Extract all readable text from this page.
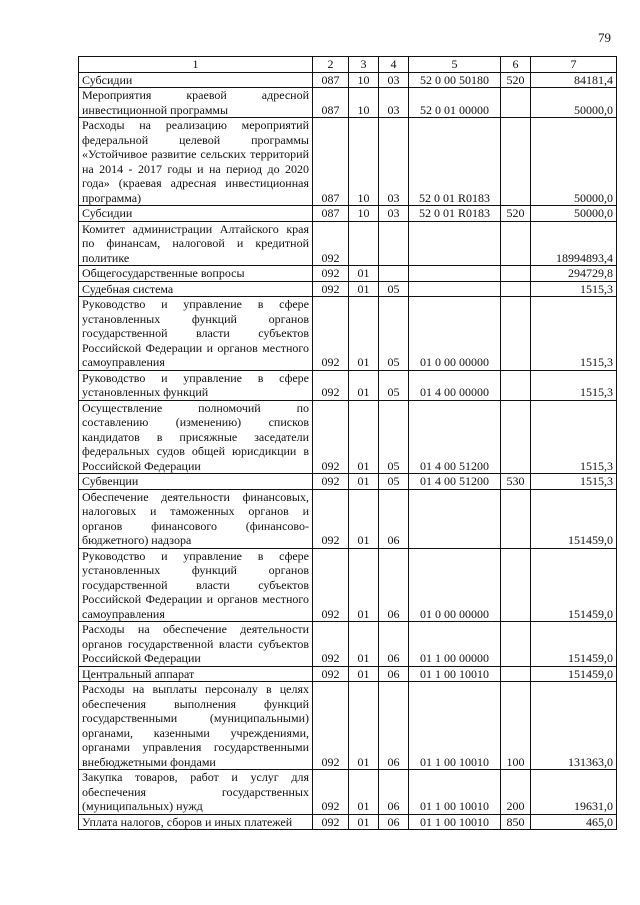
79
1	2	3	4	5	6	7
Субсидии	087	10	03	52 0 00 50180	520	84181,4
Мероприятия краевой адресной инвестиционной программы	087	10	03	52 0 01 00000		50000,0
Расходы на реализацию мероприятий федеральной целевой программы «Устойчивое развитие сельских территорий на 2014 - 2017 годы и на период до 2020 года» (краевая адресная инвестиционная программа)	087	10	03	52 0 01 R0183		50000,0
Субсидии	087	10	03	52 0 01 R0183	520	50000,0
Комитет администрации Алтайского края по финансам, налоговой и кредитной политике	092					18994893,4
Общегосударственные вопросы	092	01				294729,8
Судебная система	092	01	05			1515,3
Руководство и управление в сфере установленных функций органов государственной власти субъектов Российской Федерации и органов местного самоуправления	092	01	05	01 0 00 00000		1515,3
Руководство и управление в сфере установленных функций	092	01	05	01 4 00 00000		1515,3
Осуществление полномочий по составлению (изменению) списков кандидатов в присяжные заседатели федеральных судов общей юрисдикции в Российской Федерации	092	01	05	01 4 00 51200		1515,3
Субвенции	092	01	05	01 4 00 51200	530	1515,3
Обеспечение деятельности финансовых, налоговых и таможенных органов и органов финансового (финансово-бюджетного) надзора	092	01	06			151459,0
Руководство и управление в сфере установленных функций органов государственной власти субъектов Российской Федерации и органов местного самоуправления	092	01	06	01 0 00 00000		151459,0
Расходы на обеспечение деятельности органов государственной власти субъектов Российской Федерации	092	01	06	01 1 00 00000		151459,0
Центральный аппарат	092	01	06	01 1 00 10010		151459,0
Расходы на выплаты персоналу в целях обеспечения выполнения функций государственными (муниципальными) органами, казенными учреждениями, органами управления государственными внебюджетными фондами	092	01	06	01 1 00 10010	100	131363,0
Закупка товаров, работ и услуг для обеспечения государственных (муниципальных) нужд	092	01	06	01 1 00 10010	200	19631,0
Уплата налогов, сборов и иных платежей	092	01	06	01 1 00 10010	850	465,0
